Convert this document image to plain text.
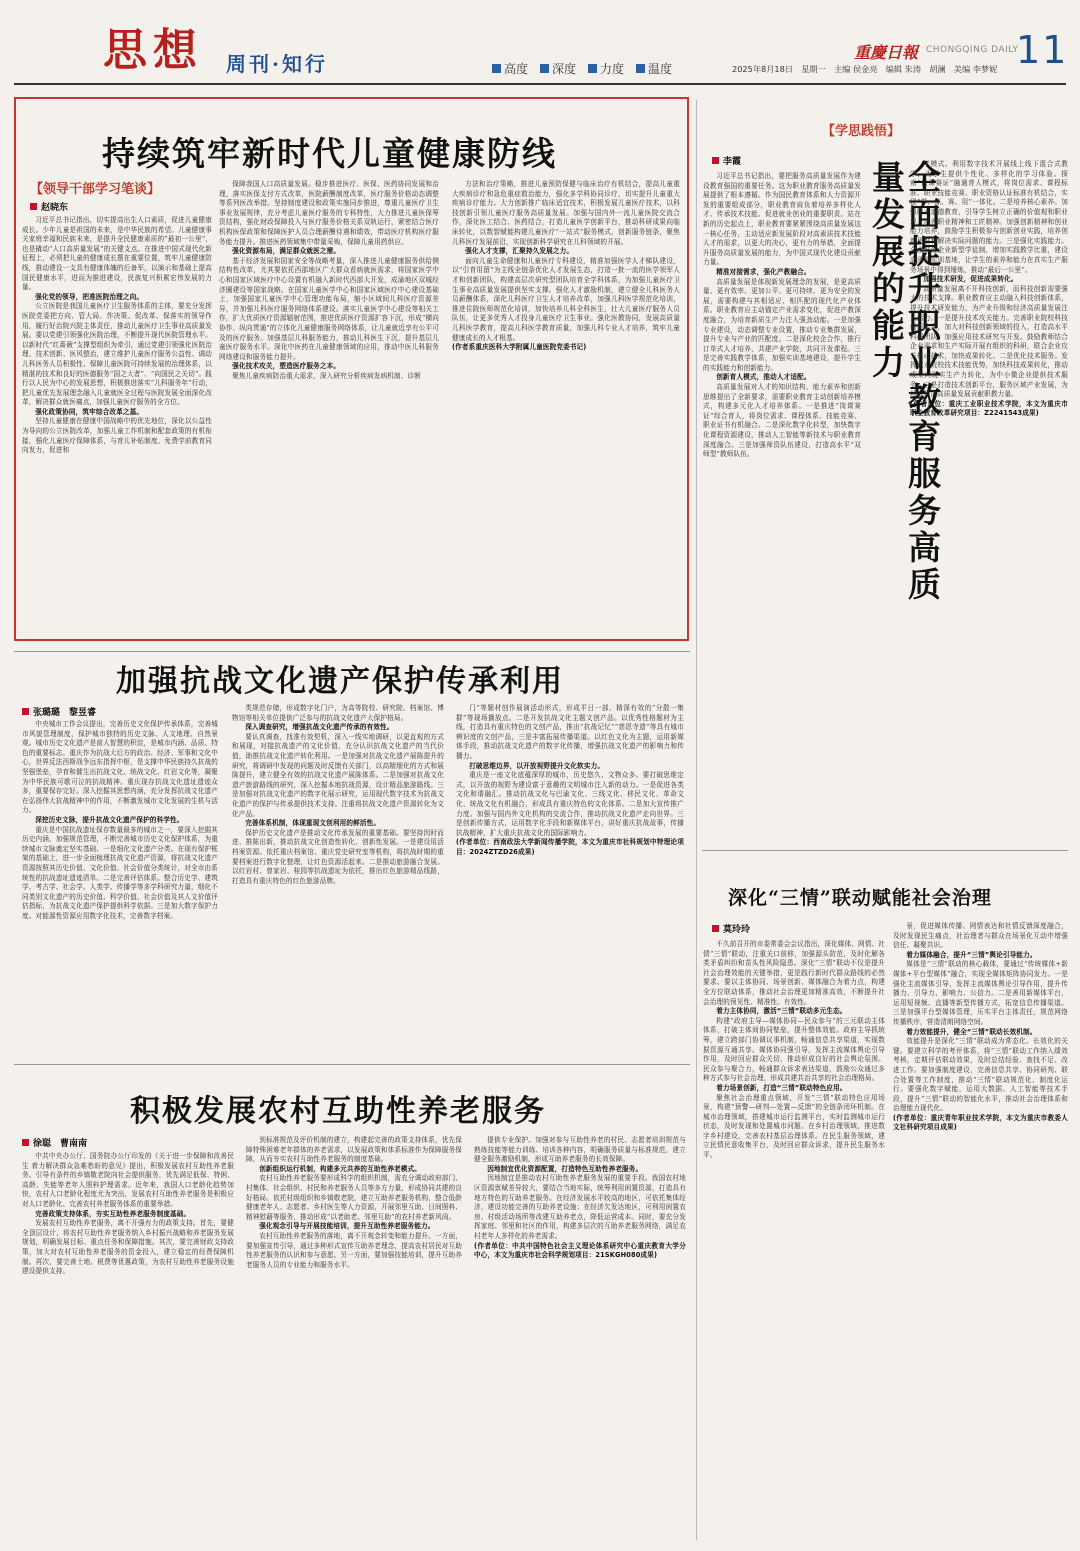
思想 周刊·知行	高度 深度 力度 温度
重慶日報 CHONGQING DAILY
11
2025年8月18日　星期一　主编 侯金亮　编辑 朱涛　胡澜　美编 李梦妮
持续筑牢新时代儿童健康防线
【领导干部学习笔谈】
赵晓东

习近平总书记指出，切实提高出生人口素质，促进儿童健康成长。少年儿童是祖国的未来，是中华民族的希望。儿童健康事关家庭幸福和民族未来，是提升全民健康素质的“最初一公里”，也是撬动“人口高质量发展”的关键支点。在推进中国式现代化新征程上，必须把儿童的健康成长摆在重要位置，筑牢儿童健康防线，推动建设一支具有健康体魄的后备军，以演示和基础上提高国民健康水平，进而为推进建设，民族复兴积累宏伟发展的力量。

强化党的领导，把准医院治理之向。

公立医院是我国儿童医疗卫生服务体系的主体，要充分发挥医院党委把方向、管大局、作决策、促改革、保落实的领导作用，履行好治院兴院主体责任，推动儿童医疗卫生事业高质量发展。要以党建引领强化医院治理，不断提升现代医院管理水平。以新时代“红蔷薇”支撑型组织为牵引，通过党建引领强化医院治理、技术创新、医风整治，建立维护儿童医疗服务公益性、调动儿科医务人员积极性、保障儿童医院可持续发展的治理体系，以精湛的技术和良好的医德服务“国之大者”、“向国民之关切”。践行以人民为中心的发展思想，积极推进落实“儿科服务年”行动，把儿童优先发展理念融入儿童就医全过程与医院发展全面深化改革，解决群众就医痛点，加强儿童医疗服务的全方位。

强化政策协同，筑牢综合改革之基。

坚持儿童健康在健康中国战略中的优先地位，深化以公益性为导向的公立医院改革，加强儿童工作机制和配套政策的有机衔接，强化儿童医疗保障体系，与育儿补贴制度、免费学前教育同向发力，促进和

保障我国人口高质量发展。稳步推进医疗、医保、医药协同发展和治理，落实医保支付方式改革，医院薪酬制度改革，医疗服务价格动态调整等系列医改举措。坚持制度建设和政策实施同步推进，尊重儿童医疗卫生事业发展规律，充分考虑儿童医疗服务的专科特性，大力推进儿童医保筹资结构，强化财政保障投入与医疗服务价格关系双轨运行，紧密结合医疗机构医保政策和保障医护人员合理薪酬待遇和绩效，带动医疗机构医疗服务能力提升。推进医药领域集中带量采购，保障儿童用药供应。

强化资源布局，满足群众就医之需。

基于经济发展和国家安全等战略考量，深入推进儿童健康服务供给侧结构性改革，尤其要依托西部地区广大群众看病就医需求，将国家医学中心和国家区域医疗中心设置有机融入新时代西部大开发，成渝地区双城经济圈建设等国家战略。在国家儿童医学中心和国家区域医疗中心建设基础上，加强国家儿童医学中心管理功能布局，缩小区域间儿科医疗资源差异，并加强儿科医疗服务网络体系建设。落实儿童医学中心建设等相关工作，扩大优质医疗资源辐射范围，推进优质医疗资源扩容下沉，形成“横向协作、纵向贯通”的立体化儿童健康服务网络体系，让儿童就近享有公平可及的医疗服务。加强基层儿科服务能力，推动儿科医生下沉，提升基层儿童医疗服务水平。深化中医药在儿童健康领域的应用，推动中医儿科服务网络建设和服务能力提升。

强化技术攻关，塑造医疗服务之本。

聚焦儿童疾病防治重大需求，深入研究分析疾病发病机制、诊断

方法和治疗策略，推进儿童预防保健与临床治疗有机结合，提高儿童重大疾病诊疗和急危重症救治能力，强化多学科协同诊疗，切实提升儿童重大疾病诊疗能力。大力创新推广临床适宜技术，积极发展儿童医疗技术，以科技创新引领儿童医疗服务高质量发展。加强与国内外一流儿童医院交流合作，深化医工结合、医药结合，打造儿童医学创新平台，推动科研成果向临床转化，以数智赋能构建儿童医疗“一站式”服务模式，创新服务链条，聚焦儿科医疗发展前沿，实现创新科学研究在儿科领域的开展。

强化人才支撑，汇聚持久发展之力。

面向儿童生命健康和儿童医疗专科建设，精准加强医学人才梯队建设，以“引育用留”为主线全链条优化人才发展生态，打造一批一流的医学领军人才和创新团队，构建高层次研究型团队培育全学科体系，为加强儿童医疗卫生事业高质量发展提供坚实支撑。强化人才激励机制，建立健全儿科医务人员薪酬体系，深化儿科医疗卫生人才培养改革，加强儿科医学规范化培训，推进住院医师规范化培训，加快培养儿科全科医生，壮大儿童医疗服务人员队伍，让更多优秀人才投身儿童医疗卫生事业。强化医教协同，发展高质量儿科医学教育，提高儿科医学教育质量，加强儿科专业人才培养，筑牢儿童健康成长的人才根基。

(作者系重庆医科大学附属儿童医院党委书记)

【学思践悟】
李霞

习近平总书记指出，要把服务高质量发展作为建设教育强国的重要任务。这为职业教育服务高质量发展提供了根本遵循。作为国民教育体系和人力资源开发的重要组成部分，职业教育肩负着培养多样化人才、传承技术技能、促进就业创业的重要职责。站在新的历史起点上，职业教育要紧紧围绕高质量发展这一核心任务，主动适应新发展阶段对高素质技术技能人才的需求，以更大的决心，更有力的举措，全面提升服务高质量发展的能力，为中国式现代化建设贡献力量。

精准对接需求，强化产教融合。

高质量发展是体现新发展理念的发展，是更高质量、更有效率、更加公平、更可持续、更为安全的发展，需要构建与其相适应、相匹配的现代化产业体系。职业教育应主动锚定产业需求变化，促进产教深度融合，为培育新质生产力注入强劲动能。一是加强专业建设，动态调整专业设置，推动专业集群发展，提升专业与产业的匹配度。二是深化校企合作，推行订单式人才培养，共建产业学院，共同开发课程。三是完善实践教学体系，加强实训基地建设，提升学生的实践能力和创新能力。

创新育人模式，推动人才适配。

高质量发展对人才的知识结构、能力素养和创新思维提出了全新要求，需要职业教育主动创新培养模式，构建多元化人才培养体系。一是推进“岗课赛证”综合育人，将岗位需求、课程体系、技能竞赛、职业证书有机融合。二是深化数字化转型，加快数字化课程资源建设，推动人工智能等新技术与职业教育深度融合。三是加强师资队伍建设，打造高水平“双师型”教师队伍。	全面提升职业教育服务高质量发展的能力	学模式。利用数字技术开展线上线下混合式教学，为学生提供个性化、多样化的学习体验。探索“岗课赛证”融通育人模式，将岗位需求、课程标准、职业技能竞赛、职业资格认证标准有机结合，实现“学、练、赛、用”一体化。二是培养核心素养。加强职业道德教育，引导学生树立正确的价值观和职业观，培养职业精神和工匠精神。加强创新精神和创业能力培养，鼓励学生积极参与创新创业实践，培养创新思维和解决实际问题的能力。三是强化实践能力。全面推进企业新型学徒制，增加实践教学比重，建设高质量实训基地，让学生的素养和能力在真实生产服务场景中得到锤炼，推动“最后一公里”。

加强技术研发，促进成果转化。

高质量发展离不开科技创新，而科技创新需要强大的技术支撑。职业教育应主动融入科技创新体系，提升技术研发能力，为产业升级和经济高质量发展注入活力。一是提升技术攻关能力。完善职业院校科技创新体系，加大对科技创新领域的投入，打造高水平科研团队，加强应用技术研究与开发。鼓励教师结合企业需求和生产实际开展有组织的科研，联合企业攻关核心技术，加快成果转化。二是优化技术服务。发挥职业院校技术技能优势，加快科技成果转化，推动成果向现实生产力转化，为中小微企业提供技术服务。三是打造技术创新平台，服务区域产业发展，为地方经济高质量发展贡献职教力量。

(作者单位：重庆工业职业技术学院，本文为重庆市职业教育改革研究项目：Z2241543成果)

加强抗战文化遗产保护传承利用
张璐璐　黎昱睿

中央城市工作会议提出，完善历史文化保护传承体系，完善城市风貌管理制度，保护城市独特的历史文脉、人文地理、自然景观。城市历史文化遗产是前人智慧的积淀，是城市内涵、品质、特色的重要标志。重庆作为抗战大后方的政治、经济、军事和文化中心，世界反法西斯战争远东指挥中枢，是支撑中华民族持久抗战的坚强堡垒，孕育和催生出抗战文化、统战文化、红岩文化等，凝聚为中华民族可歌可泣的抗战精神。重庆现存抗战文化遗址遗迹众多，重要保存完好。深入挖掘其思想内涵，充分发挥抗战文化遗产在弘扬伟大抗战精神中的作用，不断激发城市文化发展的生机与活力。

深挖历史文脉，提升抗战文化遗产保护的科学性。

重庆是中国抗战遗址保存数量最多的城市之一，要深入挖掘其历史内涵，加强规范管理，不断完善城市历史文化保护体系，为重续城市文脉奠定坚实基础。一是细化文化遗产分类。在现有保护框架的基础上，进一步全面梳理抗战文化遗产资源，将抗战文化遗产资源按照其历史价值、文化价值、社会价值分类统计，对全市由系统性的抗战遗址遗迹清单。二是完善评估体系。整合历史学、建筑学、考古学、社会学、人类学、传播学等多学科研究力量，细化不同类别文化遗产的历史价值、科学价值、社会价值及其人文价值评估指标，为抗战文化遗产保护提供科学依据。三是加大数字保护力度。对能源性资源应用数字化技术，完善数字档案。

类规范存储，形成数字化门户，为高等院校、研究院、档案馆、博物馆等相关单位提供广泛参与的抗战文化遗产大保护格局。

深入调查研究，增强抗战文化遗产传承的有效性。

要认真调查，找准有效契机，深入一线实地调研，以更直观的方式和展现，对接抗战遗产的文化价值，充分认识抗战文化遗产的当代价值，助推抗战文化遗产转化利用。一是加强对抗战文化遗产展陈提升的研究，将调研中发现的问题及时反馈有关部门，以高精细化的方式和展陈提升，建立健全有效的抗战文化遗产展陈体系。二是加强对抗战文化遗产旅游路线的研究，深入挖掘本地抗战资源，设计精品旅游路线。三是加强对抗战文化遗产的数字化展示研究，运用现代数字技术为抗战文化遗产的保护与传承提供技术支持。注重将抗战文化遗产资源转化为文化产品。

完善体系机制，体现重现文创利用的鲜活性。

保护历史文化遗产是推动文化传承发展的重要基础。要坚持因时而进、推陈出新，推动抗战文化创造性转化、创新性发展。一是建设用活档案资源。依托重庆档案馆、重庆党史研究室等机构，将抗战时期的重要档案进行数字化整理，让红色资源活起来。二是推动旅游融合发展。以红岩村、曾家岩、桂园等抗战遗址为依托，推出红色旅游精品线路，打造具有重庆特色的红色旅游品牌。

门“等题材创作展演活动形式，形成平日一部、精深有效的“分散一集群”等现场播放点。二是开发抗战文化主题文创产品。以优秀性格题材为主线，打造具有重庆特色的文创产品，推出“抗战记忆”“慈恩寺遗”等具有城市辨识度的文创产品，三是丰富拓展传播渠道。以红色文化为主题，运用新媒体手段，推动抗战文化遗产的数字化传播，增强抗战文化遗产的影响力和传播力。

打破思维边界，以开放视野提升文化软实力。

重庆是一座文化底蕴深厚的城市，历史悠久、文物众多。要打破思维定式，以开放的视野为建设富于意趣的文明城市注入新的动力。一是促进各类文化和谐融汇。推动抗战文化与巴渝文化、三线文化、移民文化、革命文化、统战文化有机融合，形成具有重庆特色的文化体系。二是加大宣传推广力度。加强与国内外文化机构的交流合作，推动抗战文化遗产走向世界。三是创新传播方式，运用数字化手段和新媒体平台，讲好重庆抗战故事，传播抗战精神，扩大重庆抗战文化的国际影响力。

(作者单位：西南政法大学新闻传播学院，本文为重庆市社科规划中特理论项目：2024ZTZD26成果)

深化“三情”联动赋能社会治理
莫玲玲

不久前召开的市委常委会会议指出，深化媒体、网情、社情“三情”联动，注重关口前移，加强源头防范，及时化解各类矛盾纠纷和苗头性风险隐患。深化“三情”联动不仅是提升社会治理效能的关键举措，更是践行新时代群众路线的必然要求。要以主体协同、场景创新、媒体融合为着力点，构建全方位联动体系，推动社会治理更加精准高效，不断提升社会治理的预见性、精准性、有效性。

着力主体协同，激活“三情”联动多元生态。

构建“政府主导—媒体协同—民众参与”的三元联动主体体系，打破主体间协同壁垒，提升整体效能。政府主导抓统筹，建立跨部门协调议事机制，畅通信息共享渠道，实现数据资源互通共享。媒体协同强引导，发挥主流媒体舆论引导作用，及时回应群众关切，推动形成良好的社会舆论氛围。民众参与聚合力，畅通群众诉求表达渠道，鼓励公众通过多种方式参与社会治理，形成共建共治共享的社会治理格局。

着力场景创新，打造“三情”联动特色应用。

聚焦社会治理重点领域，开发“三情”联动特色应用场景，构建“预警—研判—处置—反馈”的全链条闭环机制。在城市治理领域，搭建城市运行监测平台，实时监测城市运行状态，及时发现和处置城市问题。在乡村治理领域，推进数字乡村建设，完善农村基层治理体系。在民生服务领域，建立民情民意收集平台，及时回应群众诉求，提升民生服务水平。

景，促进媒体传播、网情表达和社情反馈深度融合，及时发现民生痛点，社治理者与群众在场景化互动中增强信任、凝聚共识。

着力媒体融合，提升“三情”舆论引导能力。

媒体是“三情”联动的核心载体，要通过“传统媒体+新媒体+平台型媒体”融合，实现全媒体矩阵协同发力。一是强化主流媒体引导，发挥主流媒体舆论引导作用，提升传播力、引导力、影响力、公信力。二是善用新媒体平台，运用短视频、直播等新型传播方式，拓宽信息传播渠道。三是加强平台型媒体管理，压实平台主体责任，规范网络传播秩序，营造清朗网络空间。

着力效能提升，健全“三情”联动长效机制。

效能提升是深化“三情”联动成为常态化、长效化的关键。要建立科学的考评体系，将“三情”联动工作纳入绩效考核，定期评估联动效果，及时总结经验、查找不足、改进工作。要加强制度建设，完善信息共享、协同研判、联合处置等工作制度，推动“三情”联动规范化、制度化运行。要强化数字赋能，运用大数据、人工智能等技术手段，提升“三情”联动的智能化水平，推动社会治理体系和治理能力现代化。

(作者单位：重庆青年职业技术学院，本文为重庆市教委人文社科研究项目成果)

积极发展农村互助性养老服务
徐聪　曹南南

中共中央办公厅、国务院办公厅印发的《关于进一步保障和改善民生 着力解决群众急难愁盼的意见》提出，积极发展农村互助性养老服务。引导有条件的乡镇敬老院向社会提供服务，优先满足低保、特困、高龄、失能等老年人照料护理需求。近年来，我国人口老龄化趋势加快，农村人口老龄化程度尤为突出，发展农村互助性养老服务是积极应对人口老龄化、完善农村养老服务体系的重要举措。

完善政策支持体系，夯实互助性养老服务制度基础。

发展农村互助性养老服务，离不开强有力的政策支持。首先，要健全顶层设计，将农村互助性养老服务纳入乡村振兴战略和养老服务发展规划，明确发展目标、重点任务和保障措施。其次，要完善财政支持政策，加大对农村互助性养老服务的资金投入，建立稳定的经费保障机制。再次，要完善土地、税费等优惠政策，为农村互助性养老服务设施建设提供支持。

到标准规范及评价机制的建立，构建起完善的政策支持体系，优先保障特殊困难老年群体的养老需求，以发展政策和体系标准作为保障服务保障，从而夯实农村互助性养老服务的制度基础。

创新组织运行机制，构建多元共养的互助性养老模式。

农村互助性养老服务要形成科学的组织机制，需充分调动政府部门、村集体、社会组织、村民和养老服务人员等多方力量，形成协同共建的良好格局。依托村级组织和乡镇敬老院，建立互助养老服务机构，整合低龄健康老年人、志愿者、乡村医生等人力资源，开展邻里互助、日间照料、精神慰藉等服务，推动形成“以老助老、邻里互助”的农村养老新风尚。

强化观念引导与开展技能培训，提升互助性养老服务能力。

农村互助性养老服务的落地，离不开观念转变和能力提升。一方面，要加强宣传引导，通过多种形式宣传互助养老理念，提高农村居民对互助性养老服务的认识和参与意愿。另一方面，要加强技能培训，提升互助养老服务人员的专业能力和服务水平。

提供专业保护。加强对参与互助性养老的村民、志愿者培训规范与熟练技能等能力训练、培训各种内容，明确服务质量与标准规范，建立健全服务激励机制，形成互助养老服务的长效保障。

因地制宜优化资源配置，打造特色互助性养老服务。

因地制宜是推动农村互助性养老服务发展的重要手段。我国农村地区资源禀赋差异较大，要结合当地实际，统筹利用闲置资源，打造具有地方特色的互助养老服务。在经济发展水平较高的地区，可依托集体经济，建设功能完善的互助养老设施；在经济欠发达地区，可利用闲置农房、村级活动场所等改建互助养老点，降低运营成本。同时，要充分发挥家庭、邻里和社区的作用，构建多层次的互助养老服务网络，满足农村老年人多样化的养老需求。

(作者单位：中共中国特色社会主义理论体系研究中心重庆教育大学分中心，本文为重庆市社会科学规划项目：21SKGH080成果)
